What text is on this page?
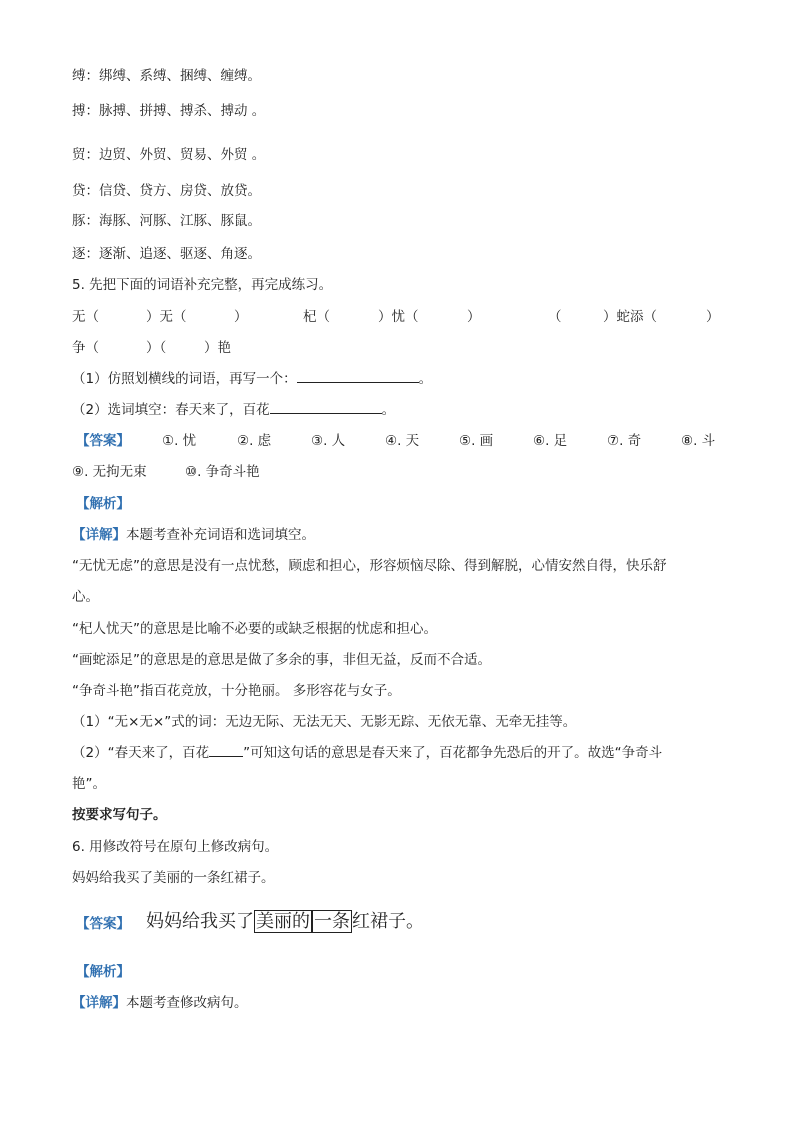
缚：绑缚、系缚、捆缚、缠缚。
搏：脉搏、拼搏、搏杀、搏动 。
贸：边贸、外贸、贸易、外贸 。
贷：信贷、贷方、房贷、放贷。
豚：海豚、河豚、江豚、豚鼠。
逐：逐渐、追逐、驱逐、角逐。
5. 先把下面的词语补充完整，再完成练习。
无（	）无（	）	杞（	）忧（	）	（	）蛇添（	）
争（	）（	）艳
（1）仿照划横线的词语，再写一个：	。
（2）选词填空：春天来了，百花	。
【答案】 ①. 忧	②. 虑	③. 人	④. 天	⑤. 画	⑥. 足	⑦. 奇	⑧. 斗
⑨. 无拘无束	⑩. 争奇斗艳
【解析】
【详解】本题考查补充词语和选词填空。
“无忧无虑”的意思是没有一点忧愁，顾虑和担心，形容烦恼尽除、得到解脱，心情安然自得，快乐舒
心。
“杞人忧天”的意思是比喻不必要的或缺乏根据的忧虑和担心。
“画蛇添足”的意思是的意思是做了多余的事，非但无益，反而不合适。
“争奇斗艳”指百花竞放，十分艳丽。 多形容花与女子。
（1）“无×无×”式的词：无边无际、无法无天、无影无踪、无依无靠、无牵无挂等。
（2）“春天来了，百花	”可知这句话的意思是春天来了，百花都争先恐后的开了。故选“争奇斗
艳”。
按要求写句子。
6. 用修改符号在原句上修改病句。
妈妈给我买了美丽的一条红裙子。
【答案】 妈妈给我买了 美丽的 一条 红裙子。
【解析】
【详解】本题考查修改病句。
